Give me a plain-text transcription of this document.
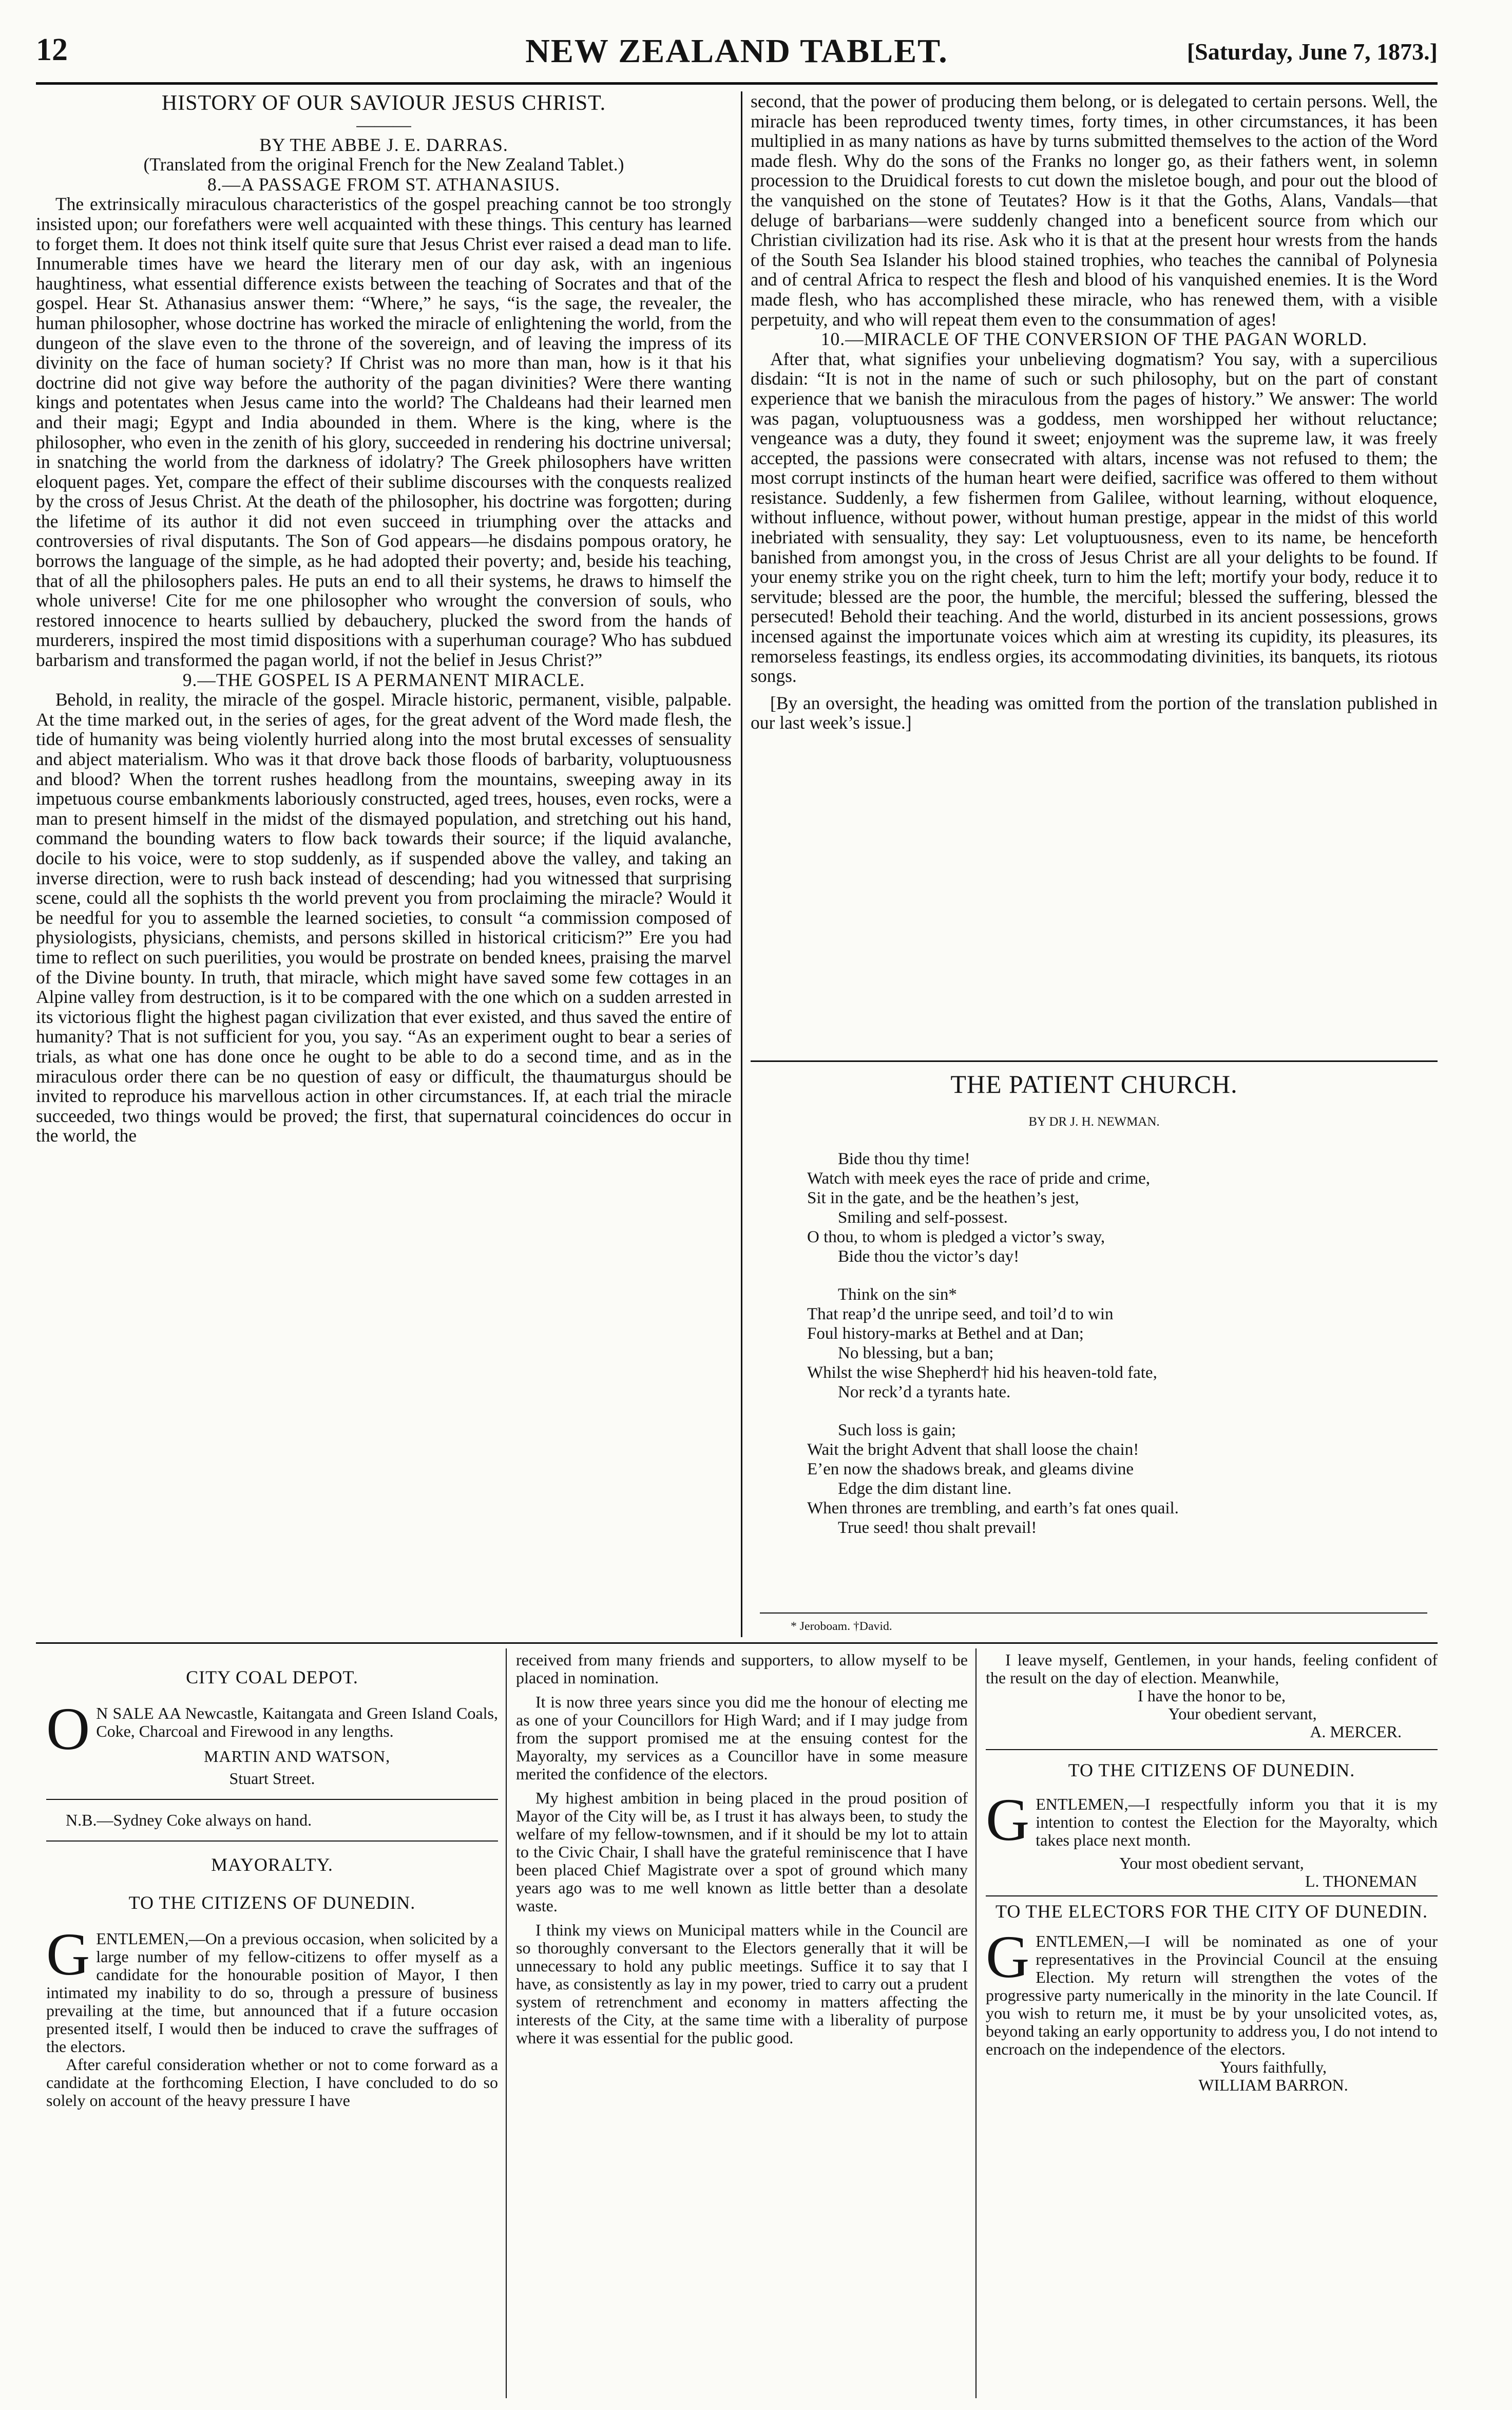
12	NEW ZEALAND TABLET.	[Saturday, June 7, 1873.]

HISTORY OF OUR SAVIOUR JESUS CHRIST.

———

BY THE ABBE J. E. DARRAS.

(Translated from the original French for the New Zealand Tablet.)

8.—A PASSAGE FROM ST. ATHANASIUS.

The extrinsically miraculous characteristics of the gospel preaching cannot be too strongly insisted upon; our forefathers were well acquainted with these things. This century has learned to forget them. It does not think itself quite sure that Jesus Christ ever raised a dead man to life. Innumerable times have we heard the literary men of our day ask, with an ingenious haughtiness, what essential difference exists between the teaching of Socrates and that of the gospel. Hear St. Athanasius answer them: “Where,” he says, “is the sage, the revealer, the human philosopher, whose doctrine has worked the miracle of enlightening the world, from the dungeon of the slave even to the throne of the sovereign, and of leaving the impress of its divinity on the face of human society? If Christ was no more than man, how is it that his doctrine did not give way before the authority of the pagan divinities? Were there wanting kings and potentates when Jesus came into the world? The Chaldeans had their learned men and their magi; Egypt and India abounded in them. Where is the king, where is the philosopher, who even in the zenith of his glory, succeeded in rendering his doctrine universal; in snatching the world from the darkness of idolatry? The Greek philosophers have written eloquent pages. Yet, compare the effect of their sublime discourses with the conquests realized by the cross of Jesus Christ. At the death of the philosopher, his doctrine was forgotten; during the lifetime of its author it did not even succeed in triumphing over the attacks and controversies of rival disputants. The Son of God appears—he disdains pompous oratory, he borrows the language of the simple, as he had adopted their poverty; and, beside his teaching, that of all the philosophers pales. He puts an end to all their systems, he draws to himself the whole universe! Cite for me one philosopher who wrought the conversion of souls, who restored innocence to hearts sullied by debauchery, plucked the sword from the hands of murderers, inspired the most timid dispositions with a superhuman courage? Who has subdued barbarism and transformed the pagan world, if not the belief in Jesus Christ?”

9.—THE GOSPEL IS A PERMANENT MIRACLE.

Behold, in reality, the miracle of the gospel. Miracle historic, permanent, visible, palpable. At the time marked out, in the series of ages, for the great advent of the Word made flesh, the tide of humanity was being violently hurried along into the most brutal excesses of sensuality and abject materialism. Who was it that drove back those floods of barbarity, voluptuousness and blood? When the torrent rushes headlong from the mountains, sweeping away in its impetuous course embankments laboriously constructed, aged trees, houses, even rocks, were a man to present himself in the midst of the dismayed population, and stretching out his hand, command the bounding waters to flow back towards their source; if the liquid avalanche, docile to his voice, were to stop suddenly, as if suspended above the valley, and taking an inverse direction, were to rush back instead of descending; had you witnessed that surprising scene, could all the sophists th the world prevent you from proclaiming the miracle? Would it be needful for you to assemble the learned societies, to consult “a commission composed of physiologists, physicians, chemists, and persons skilled in historical criticism?” Ere you had time to reflect on such puerilities, you would be prostrate on bended knees, praising the marvel of the Divine bounty. In truth, that miracle, which might have saved some few cottages in an Alpine valley from destruction, is it to be compared with the one which on a sudden arrested in its victorious flight the highest pagan civilization that ever existed, and thus saved the entire of humanity? That is not sufficient for you, you say. “As an experiment ought to bear a series of trials, as what one has done once he ought to be able to do a second time, and as in the miraculous order there can be no question of easy or difficult, the thaumaturgus should be invited to reproduce his marvellous action in other circumstances. If, at each trial the miracle succeeded, two things would be proved; the first, that supernatural coincidences do occur in the world, the

second, that the power of producing them belong, or is delegated to certain persons. Well, the miracle has been reproduced twenty times, forty times, in other circumstances, it has been multiplied in as many nations as have by turns submitted themselves to the action of the Word made flesh. Why do the sons of the Franks no longer go, as their fathers went, in solemn procession to the Druidical forests to cut down the misletoe bough, and pour out the blood of the vanquished on the stone of Teutates? How is it that the Goths, Alans, Vandals—that deluge of barbarians—were suddenly changed into a beneficent source from which our Christian civilization had its rise. Ask who it is that at the present hour wrests from the hands of the South Sea Islander his blood stained trophies, who teaches the cannibal of Polynesia and of central Africa to respect the flesh and blood of his vanquished enemies. It is the Word made flesh, who has accomplished these miracle, who has renewed them, with a visible perpetuity, and who will repeat them even to the consummation of ages!

10.—MIRACLE OF THE CONVERSION OF THE PAGAN WORLD.

After that, what signifies your unbelieving dogmatism? You say, with a supercilious disdain: “It is not in the name of such or such philosophy, but on the part of constant experience that we banish the miraculous from the pages of history.” We answer: The world was pagan, voluptuousness was a goddess, men worshipped her without reluctance; vengeance was a duty, they found it sweet; enjoyment was the supreme law, it was freely accepted, the passions were consecrated with altars, incense was not refused to them; the most corrupt instincts of the human heart were deified, sacrifice was offered to them without resistance. Suddenly, a few fishermen from Galilee, without learning, without eloquence, without influence, without power, without human prestige, appear in the midst of this world inebriated with sensuality, they say: Let voluptuousness, even to its name, be henceforth banished from amongst you, in the cross of Jesus Christ are all your delights to be found. If your enemy strike you on the right cheek, turn to him the left; mortify your body, reduce it to servitude; blessed are the poor, the humble, the merciful; blessed the suffering, blessed the persecuted! Behold their teaching. And the world, disturbed in its ancient possessions, grows incensed against the importunate voices which aim at wresting its cupidity, its pleasures, its remorseless feastings, its endless orgies, its accommodating divinities, its banquets, its riotous songs.

[By an oversight, the heading was omitted from the portion of the translation published in our last week’s issue.]

THE PATIENT CHURCH.

BY DR J. H. NEWMAN.

Bide thou thy time!

Watch with meek eyes the race of pride and crime,

Sit in the gate, and be the heathen’s jest,

Smiling and self-possest.

O thou, to whom is pledged a victor’s sway,

Bide thou the victor’s day!

Think on the sin*

That reap’d the unripe seed, and toil’d to win

Foul history-marks at Bethel and at Dan;

No blessing, but a ban;

Whilst the wise Shepherd† hid his heaven-told fate,

Nor reck’d a tyrants hate.

Such loss is gain;

Wait the bright Advent that shall loose the chain!

E’en now the shadows break, and gleams divine

Edge the dim distant line.

When thrones are trembling, and earth’s fat ones quail.

True seed! thou shalt prevail!

* Jeroboam. †David.

CITY COAL DEPOT.

O N SALE AA Newcastle, Kaitangata and Green Island Coals, Coke, Charcoal and Firewood in any lengths.

MARTIN AND WATSON,

Stuart Street.

N.B.—Sydney Coke always on hand.

MAYORALTY.

TO THE CITIZENS OF DUNEDIN.

GENTLEMEN,—On a previous occasion, when solicited by a large number of my fellow-citizens to offer myself as a candidate for the honourable position of Mayor, I then intimated my inability to do so, through a pressure of business prevailing at the time, but announced that if a future occasion presented itself, I would then be induced to crave the suffrages of the electors.

After careful consideration whether or not to come forward as a candidate at the forthcoming Election, I have concluded to do so solely on account of the heavy pressure I have

received from many friends and supporters, to allow myself to be placed in nomination.

It is now three years since you did me the honour of electing me as one of your Councillors for High Ward; and if I may judge from from the support promised me at the ensuing contest for the Mayoralty, my services as a Councillor have in some measure merited the confidence of the electors.

My highest ambition in being placed in the proud position of Mayor of the City will be, as I trust it has always been, to study the welfare of my fellow-townsmen, and if it should be my lot to attain to the Civic Chair, I shall have the grateful reminiscence that I have been placed Chief Magistrate over a spot of ground which many years ago was to me well known as little better than a desolate waste.

I think my views on Municipal matters while in the Council are so thoroughly conversant to the Electors generally that it will be unnecessary to hold any public meetings. Suffice it to say that I have, as consistently as lay in my power, tried to carry out a prudent system of retrenchment and economy in matters affecting the interests of the City, at the same time with a liberality of purpose where it was essential for the public good.

I leave myself, Gentlemen, in your hands, feeling confident of the result on the day of election. Meanwhile,

I have the honor to be,

Your obedient servant,

A. MERCER.

TO THE CITIZENS OF DUNEDIN.

GENTLEMEN,—I respectfully inform you that it is my intention to contest the Election for the Mayoralty, which takes place next month.

Your most obedient servant,

L. THONEMAN

TO THE ELECTORS FOR THE CITY OF DUNEDIN.

GENTLEMEN,—I will be nominated as one of your representatives in the Provincial Council at the ensuing Election. My return will strengthen the votes of the progressive party numerically in the minority in the late Council. If you wish to return me, it must be by your unsolicited votes, as, beyond taking an early opportunity to address you, I do not intend to encroach on the independence of the electors.

Yours faithfully,

WILLIAM BARRON.
